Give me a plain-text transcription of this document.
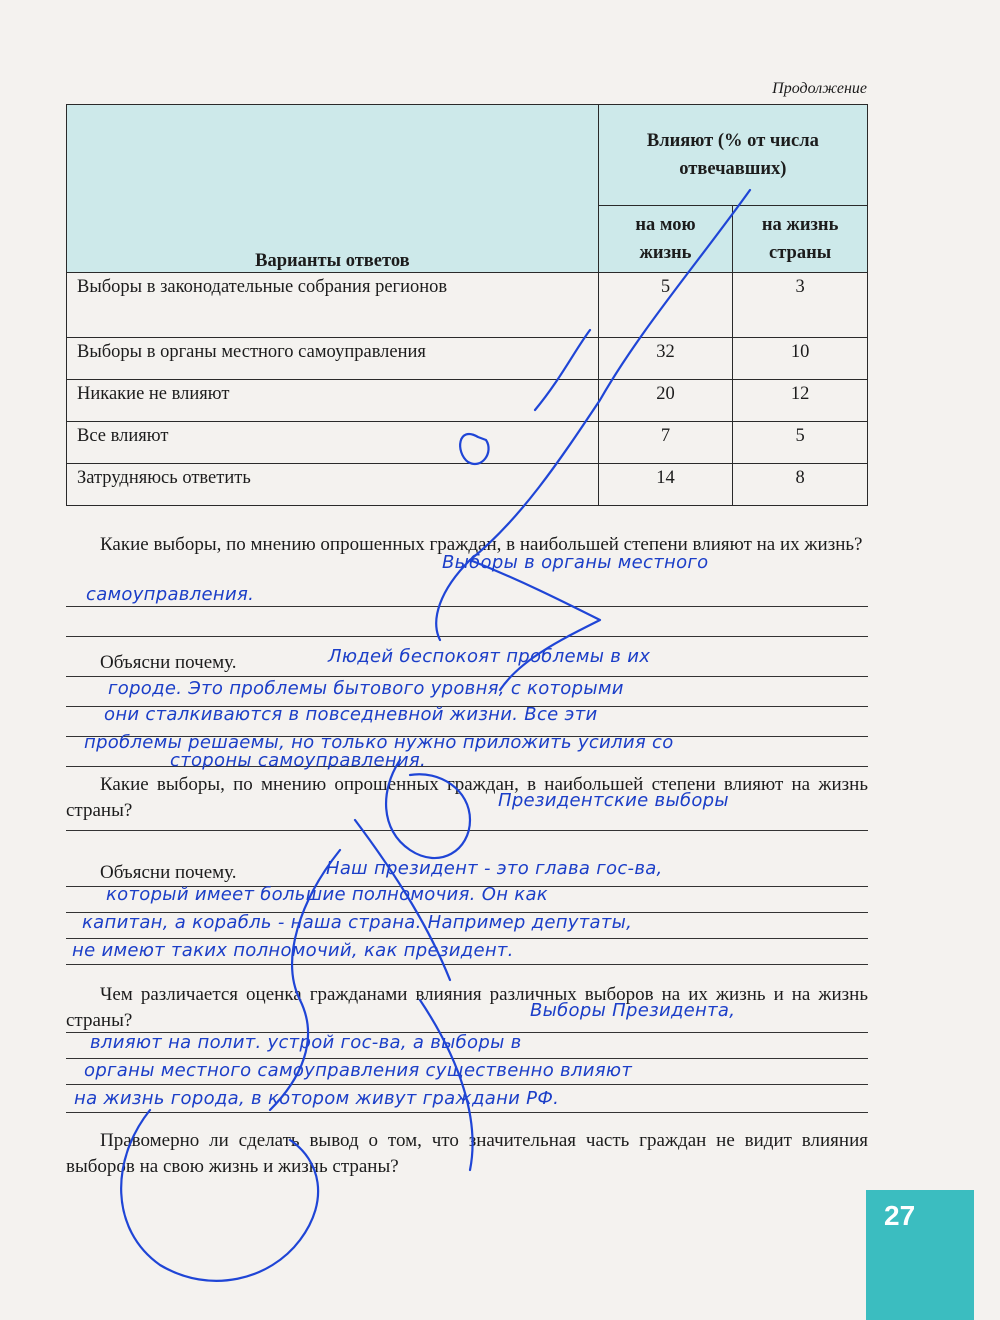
Продолжение
Варианты ответов	Влияют (% от числа отвечавших)	
	на мою жизнь	на жизнь страны
Выборы в законодательные собрания регионов	5	3
Выборы в органы местного самоуправления	32	10
Никакие не влияют	20	12
Все влияют	7	5
Затрудняюсь ответить	14	8
Какие выборы, по мнению опрошенных граждан, в наибольшей степени влияют на их жизнь?
Выборы в органы местного
самоуправления.
Объясни почему.	Людей беспокоят проблемы в их
городе. Это проблемы бытового уровня, с которыми
они сталкиваются в повседневной жизни. Все эти
проблемы решаемы, но только нужно приложить усилия со
стороны самоуправления.
Какие выборы, по мнению опрошенных граждан, в наибольшей степени влияют на жизнь страны?	Президентские выборы
Объясни почему.	Наш президент - это глава гос-ва,
который имеет большие полномочия. Он как
капитан, а корабль - наша страна. Например депутаты,
не имеют таких полномочий, как президент.
Чем различается оценка гражданами влияния различных выборов на их жизнь и на жизнь страны?	Выборы Президента,
влияют на полит. устрой гос-ва, а выборы в
органы местного самоуправления существенно влияют
на жизнь города, в котором живут граждани РФ.
Правомерно ли сделать вывод о том, что значительная часть граждан не видит влияния выборов на свою жизнь и жизнь страны?
27
